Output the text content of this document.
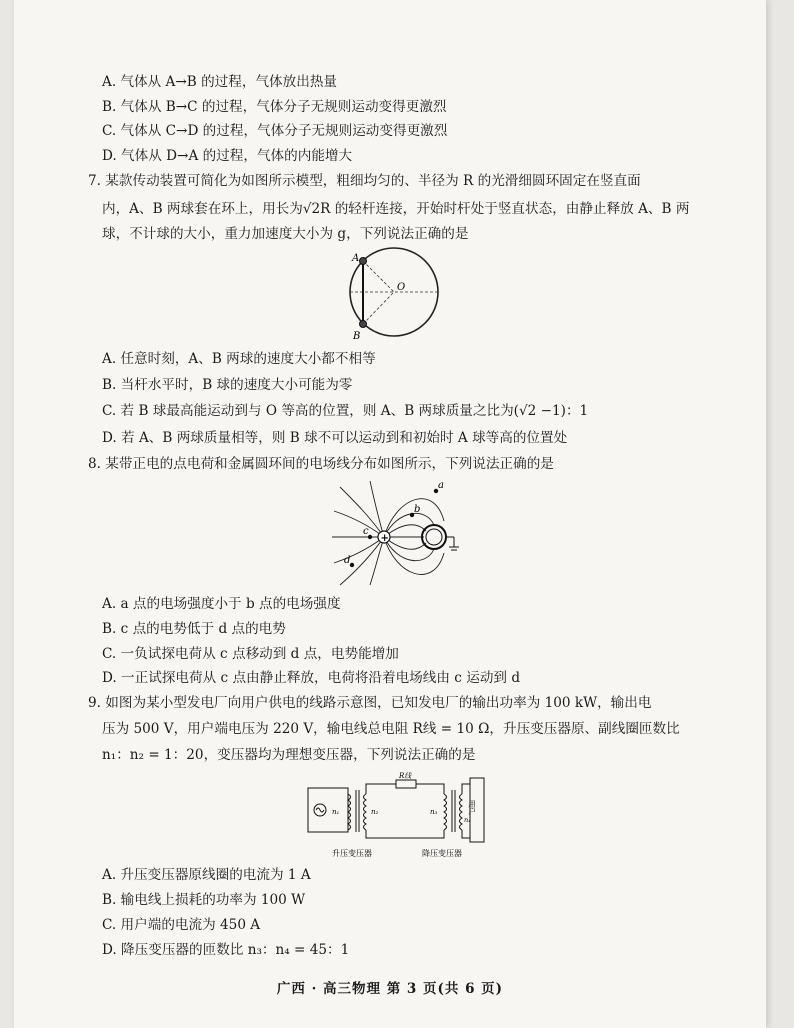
A. 气体从 A→B 的过程，气体放出热量
B. 气体从 B→C 的过程，气体分子无规则运动变得更激烈
C. 气体从 C→D 的过程，气体分子无规则运动变得更激烈
D. 气体从 D→A 的过程，气体的内能增大
7. 某款传动装置可简化为如图所示模型，粗细均匀的、半径为 R 的光滑细圆环固定在竖直面
内，A、B 两球套在环上，用长为√2R 的轻杆连接，开始时杆处于竖直状态，由静止释放 A、B 两
球，不计球的大小，重力加速度大小为 g，下列说法正确的是
A
B
O
A. 任意时刻，A、B 两球的速度大小都不相等
B. 当杆水平时，B 球的速度大小可能为零
C. 若 B 球最高能运动到与 O 等高的位置，则 A、B 两球质量之比为(√2 −1)：1
D. 若 A、B 两球质量相等，则 B 球不可以运动到和初始时 A 球等高的位置处
8. 某带正电的点电荷和金属圆环间的电场线分布如图所示，下列说法正确的是
+
a
b
c
d
A. a 点的电场强度小于 b 点的电场强度
B. c 点的电势低于 d 点的电势
C. 一负试探电荷从 c 点移动到 d 点，电势能增加
D. 一正试探电荷从 c 点由静止释放，电荷将沿着电场线由 c 运动到 d
9. 如图为某小型发电厂向用户供电的线路示意图，已知发电厂的输出功率为 100 kW，输出电
压为 500 V，用户端电压为 220 V，输电线总电阻 R线 = 10 Ω，升压变压器原、副线圈匝数比
n₁：n₂ = 1：20，变压器均为理想变压器，下列说法正确的是
R线
n₁	n₂	n₃
n₄
用户
升压变压器	降压变压器
A. 升压变压器原线圈的电流为 1 A
B. 输电线上损耗的功率为 100 W
C. 用户端的电流为 450 A
D. 降压变压器的匝数比 n₃：n₄ = 45：1
广西 · 高三物理 第 3 页(共 6 页)
